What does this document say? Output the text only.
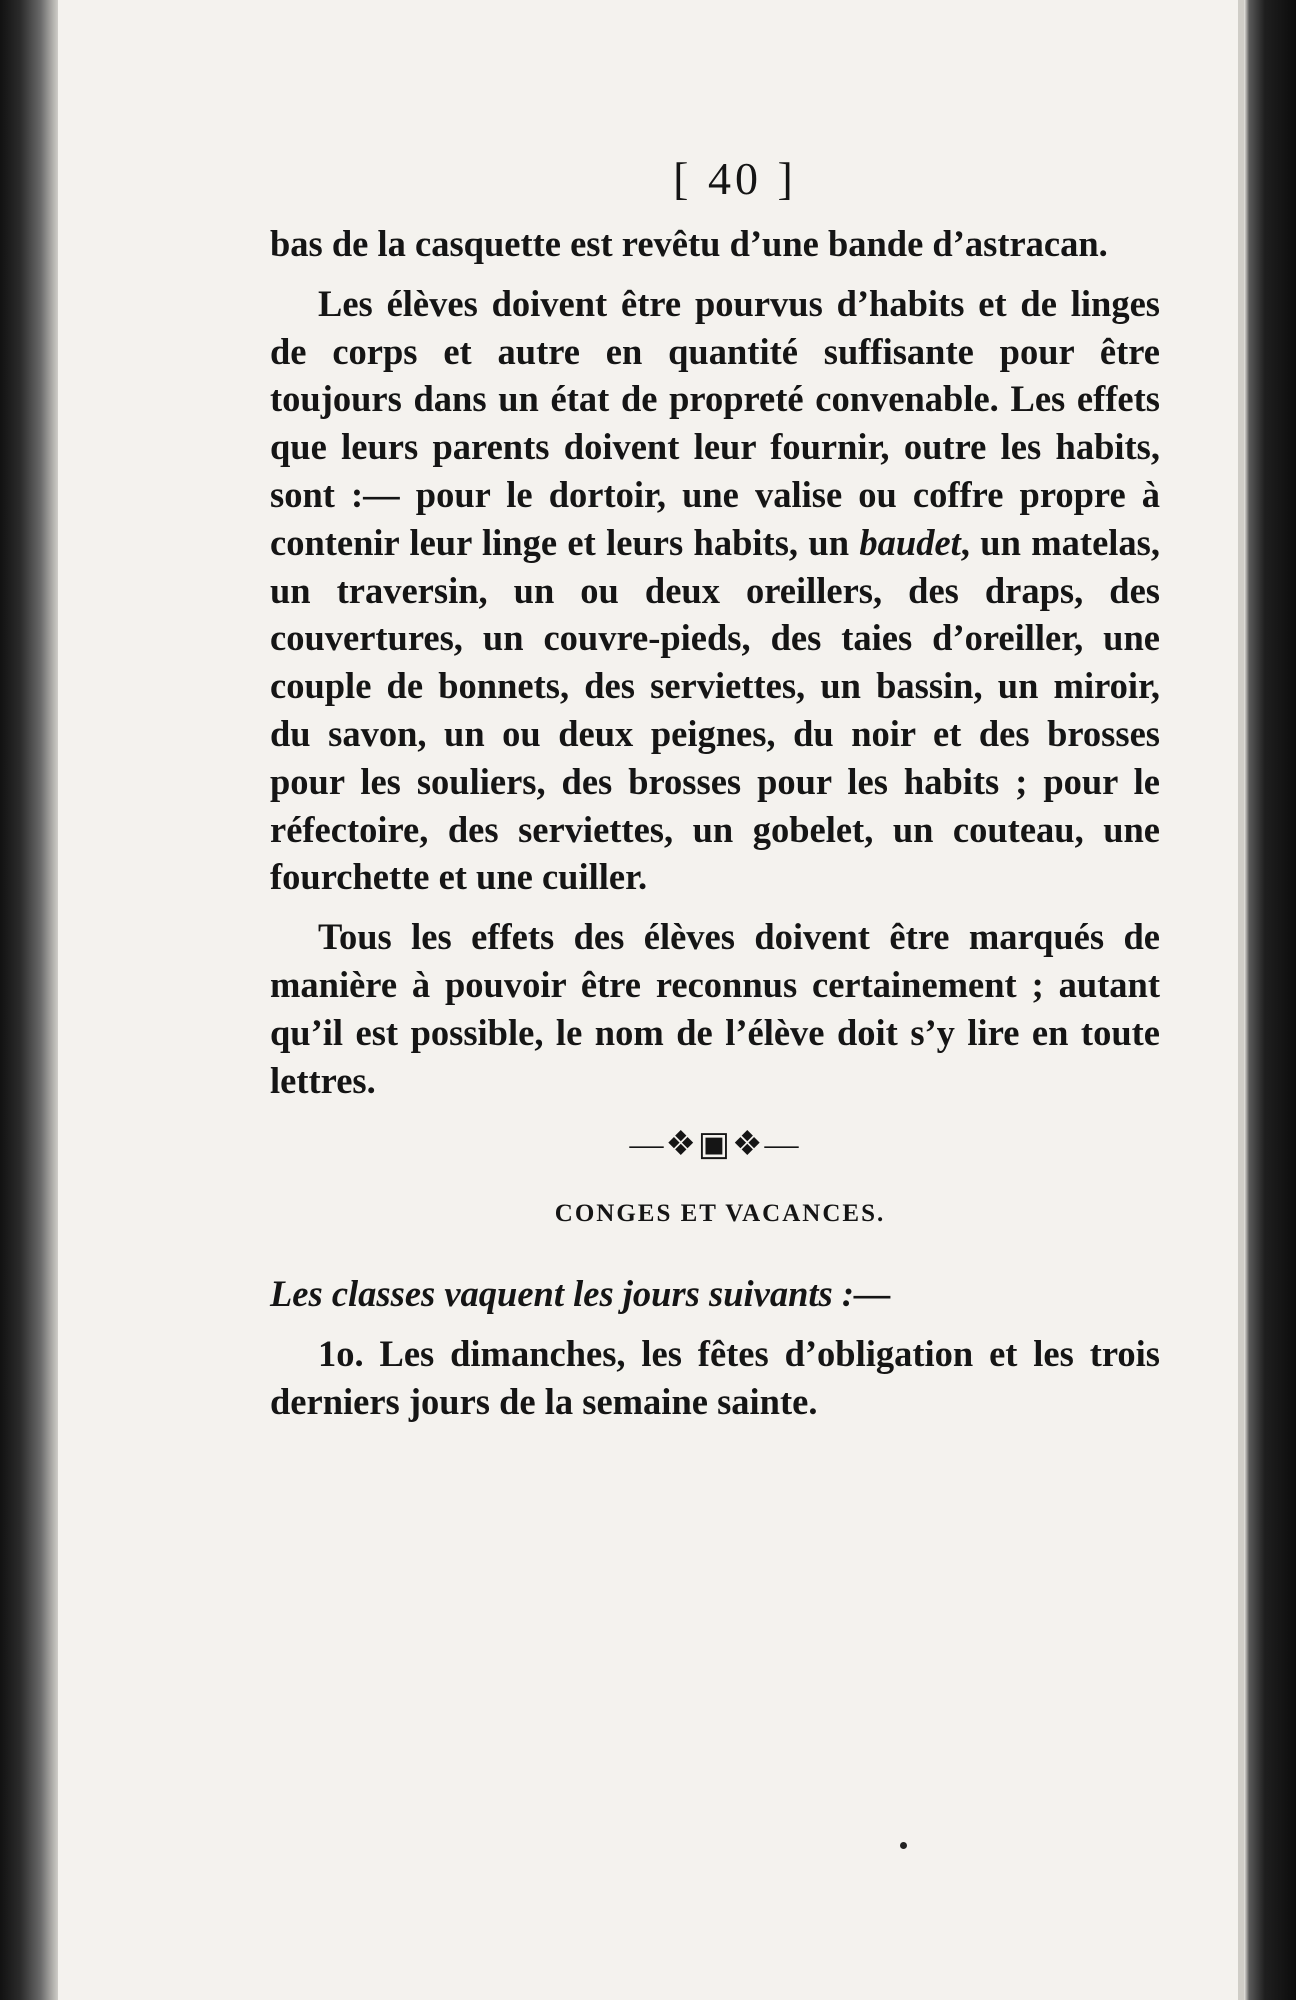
[ 40 ]

bas de la casquette est revêtu d’une bande d’astracan.

Les élèves doivent être pourvus d’habits et de linges de corps et autre en quantité suffisante pour être toujours dans un état de propreté convenable. Les effets que leurs parents doivent leur fournir, outre les habits, sont :— pour le dortoir, une valise ou coffre propre à contenir leur linge et leurs habits, un baudet, un matelas, un traversin, un ou deux oreillers, des draps, des couvertures, un couvre-pieds, des taies d’oreiller, une couple de bonnets, des serviettes, un bassin, un miroir, du savon, un ou deux peignes, du noir et des brosses pour les souliers, des brosses pour les habits ; pour le réfectoire, des serviettes, un gobelet, un couteau, une fourchette et une cuiller.

Tous les effets des élèves doivent être marqués de manière à pouvoir être reconnus certainement ; autant qu’il est possible, le nom de l’élève doit s’y lire en toute lettres.

—❖▣❖—
CONGES ET VACANCES.

Les classes vaquent les jours suivants :—

1o. Les dimanches, les fêtes d’obligation et les trois derniers jours de la semaine sainte.
